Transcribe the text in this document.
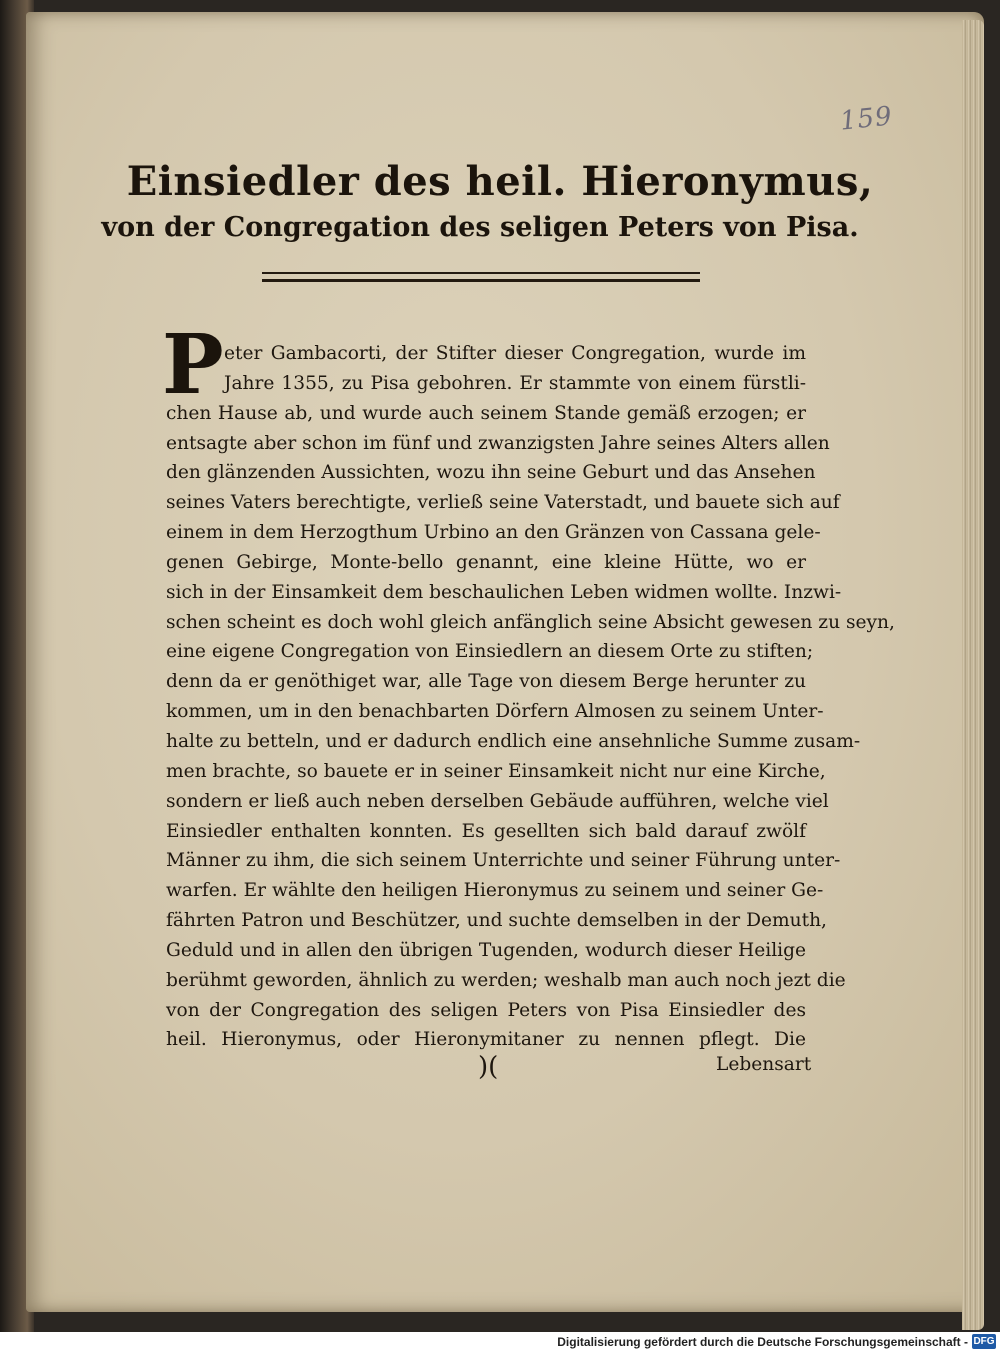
159
Einsiedler des heil. Hieronymus,
von der Congregation des seligen Peters von Pisa.
P eter Gambacorti, der Stifter dieser Congregation, wurde im
Jahre 1355, zu Pisa gebohren. Er stammte von einem fürstli-
chen Hause ab, und wurde auch seinem Stande gemäß erzogen; er
entsagte aber schon im fünf und zwanzigsten Jahre seines Alters allen
den glänzenden Aussichten, wozu ihn seine Geburt und das Ansehen
seines Vaters berechtigte, verließ seine Vaterstadt, und bauete sich auf
einem in dem Herzogthum Urbino an den Gränzen von Cassana gele-
genen Gebirge, Monte-bello genannt, eine kleine Hütte, wo er
sich in der Einsamkeit dem beschaulichen Leben widmen wollte. Inzwi-
schen scheint es doch wohl gleich anfänglich seine Absicht gewesen zu seyn,
eine eigene Congregation von Einsiedlern an diesem Orte zu stiften;
denn da er genöthiget war, alle Tage von diesem Berge herunter zu
kommen, um in den benachbarten Dörfern Almosen zu seinem Unter-
halte zu betteln, und er dadurch endlich eine ansehnliche Summe zusam-
men brachte, so bauete er in seiner Einsamkeit nicht nur eine Kirche,
sondern er ließ auch neben derselben Gebäude aufführen, welche viel
Einsiedler enthalten konnten. Es gesellten sich bald darauf zwölf
Männer zu ihm, die sich seinem Unterrichte und seiner Führung unter-
warfen. Er wählte den heiligen Hieronymus zu seinem und seiner Ge-
fährten Patron und Beschützer, und suchte demselben in der Demuth,
Geduld und in allen den übrigen Tugenden, wodurch dieser Heilige
berühmt geworden, ähnlich zu werden; weshalb man auch noch jezt die
von der Congregation des seligen Peters von Pisa Einsiedler des
heil. Hieronymus, oder Hieronymitaner zu nennen pflegt. Die
)(	Lebensart
Digitalisierung gefördert durch die Deutsche Forschungsgemeinschaft - DFG
